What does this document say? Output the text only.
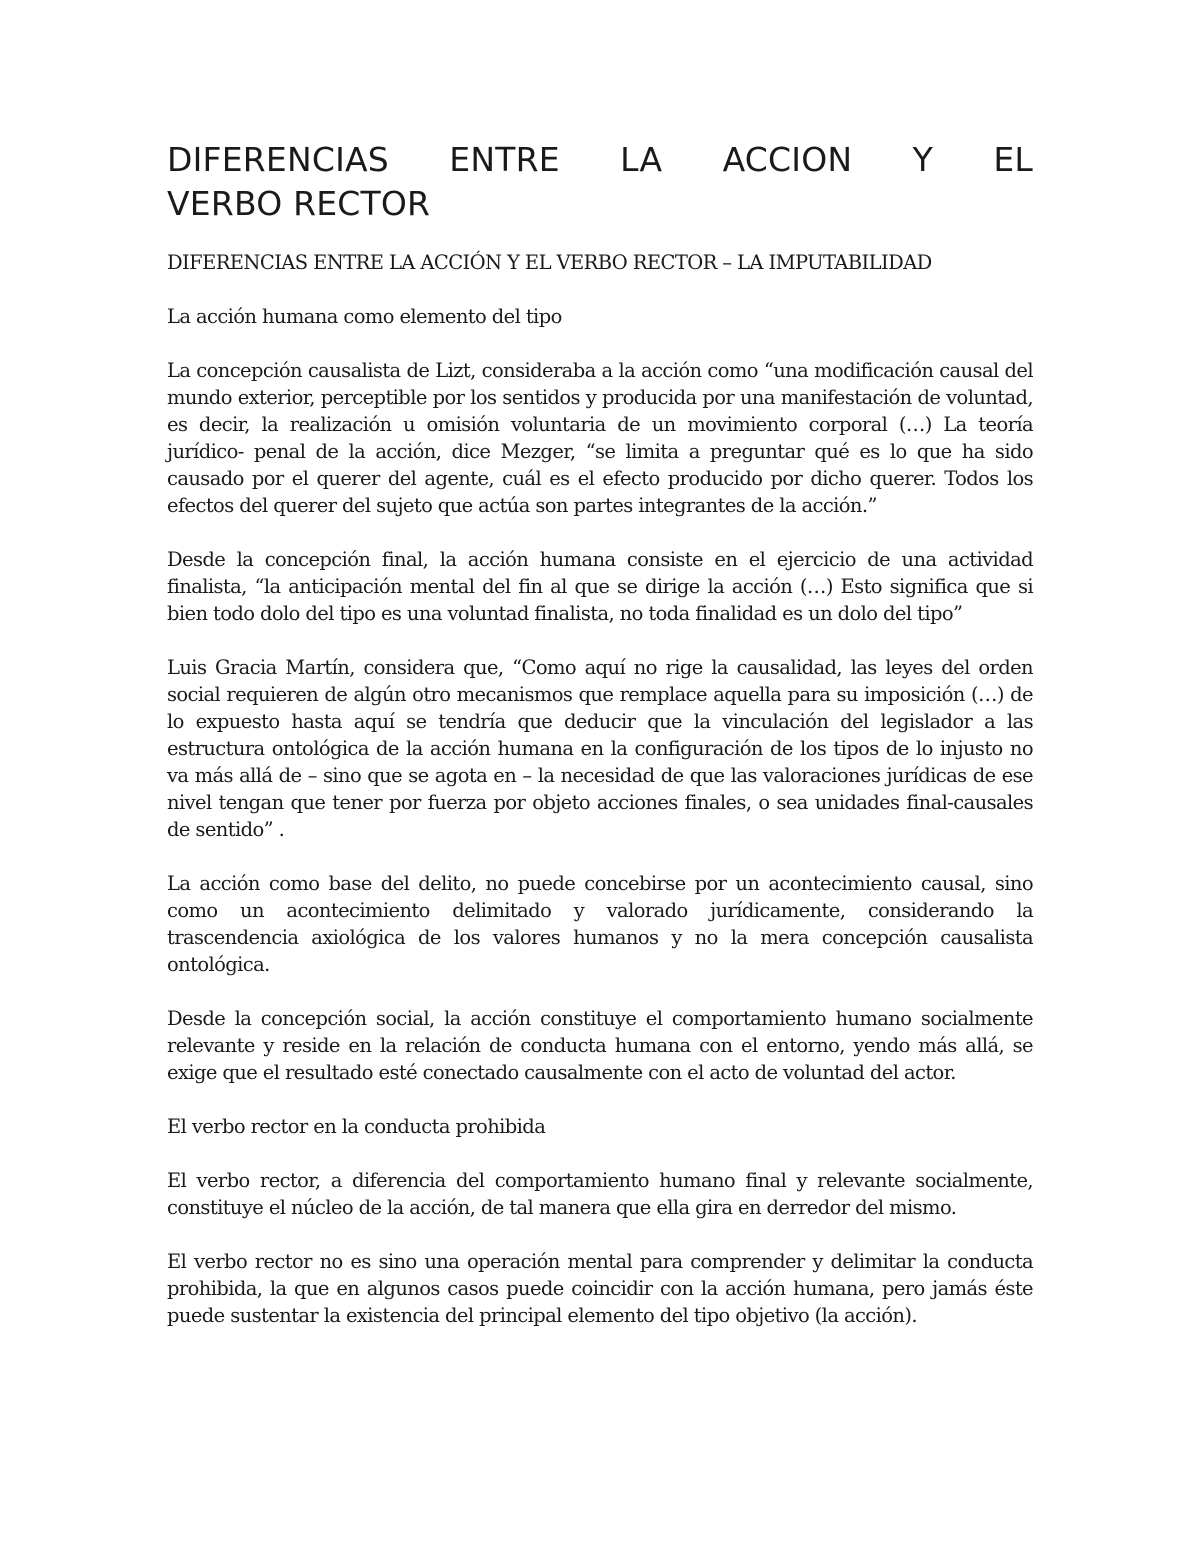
DIFERENCIAS ENTRE LA ACCION Y EL
VERBO RECTOR

DIFERENCIAS ENTRE LA ACCIÓN Y EL VERBO RECTOR – LA IMPUTABILIDAD

La acción humana como elemento del tipo

La concepción causalista de Lizt, consideraba a la acción como “una modificación causal del mundo exterior, perceptible por los sentidos y producida por una manifestación de voluntad, es decir, la realización u omisión voluntaria de un movimiento corporal (…) La teoría jurídico- penal de la acción, dice Mezger, “se limita a preguntar qué es lo que ha sido causado por el querer del agente, cuál es el efecto producido por dicho querer. Todos los efectos del querer del sujeto que actúa son partes integrantes de la acción.”

Desde la concepción final, la acción humana consiste en el ejercicio de una actividad finalista, “la anticipación mental del fin al que se dirige la acción (…) Esto significa que si bien todo dolo del tipo es una voluntad finalista, no toda finalidad es un dolo del tipo”

Luis Gracia Martín, considera que, “Como aquí no rige la causalidad, las leyes del orden social requieren de algún otro mecanismos que remplace aquella para su imposición (…) de lo expuesto hasta aquí se tendría que deducir que la vinculación del legislador a las estructura ontológica de la acción humana en la configuración de los tipos de lo injusto no va más allá de – sino que se agota en – la necesidad de que las valoraciones jurídicas de ese nivel tengan que tener por fuerza por objeto acciones finales, o sea unidades final-causales de sentido” .

La acción como base del delito, no puede concebirse por un acontecimiento causal, sino como un acontecimiento delimitado y valorado jurídicamente, considerando la trascendencia axiológica de los valores humanos y no la mera concepción causalista ontológica.

Desde la concepción social, la acción constituye el comportamiento humano socialmente relevante y reside en la relación de conducta humana con el entorno, yendo más allá, se exige que el resultado esté conectado causalmente con el acto de voluntad del actor.

El verbo rector en la conducta prohibida

El verbo rector, a diferencia del comportamiento humano final y relevante socialmente, constituye el núcleo de la acción, de tal manera que ella gira en derredor del mismo.

El verbo rector no es sino una operación mental para comprender y delimitar la conducta prohibida, la que en algunos casos puede coincidir con la acción humana, pero jamás éste puede sustentar la existencia del principal elemento del tipo objetivo (la acción).
